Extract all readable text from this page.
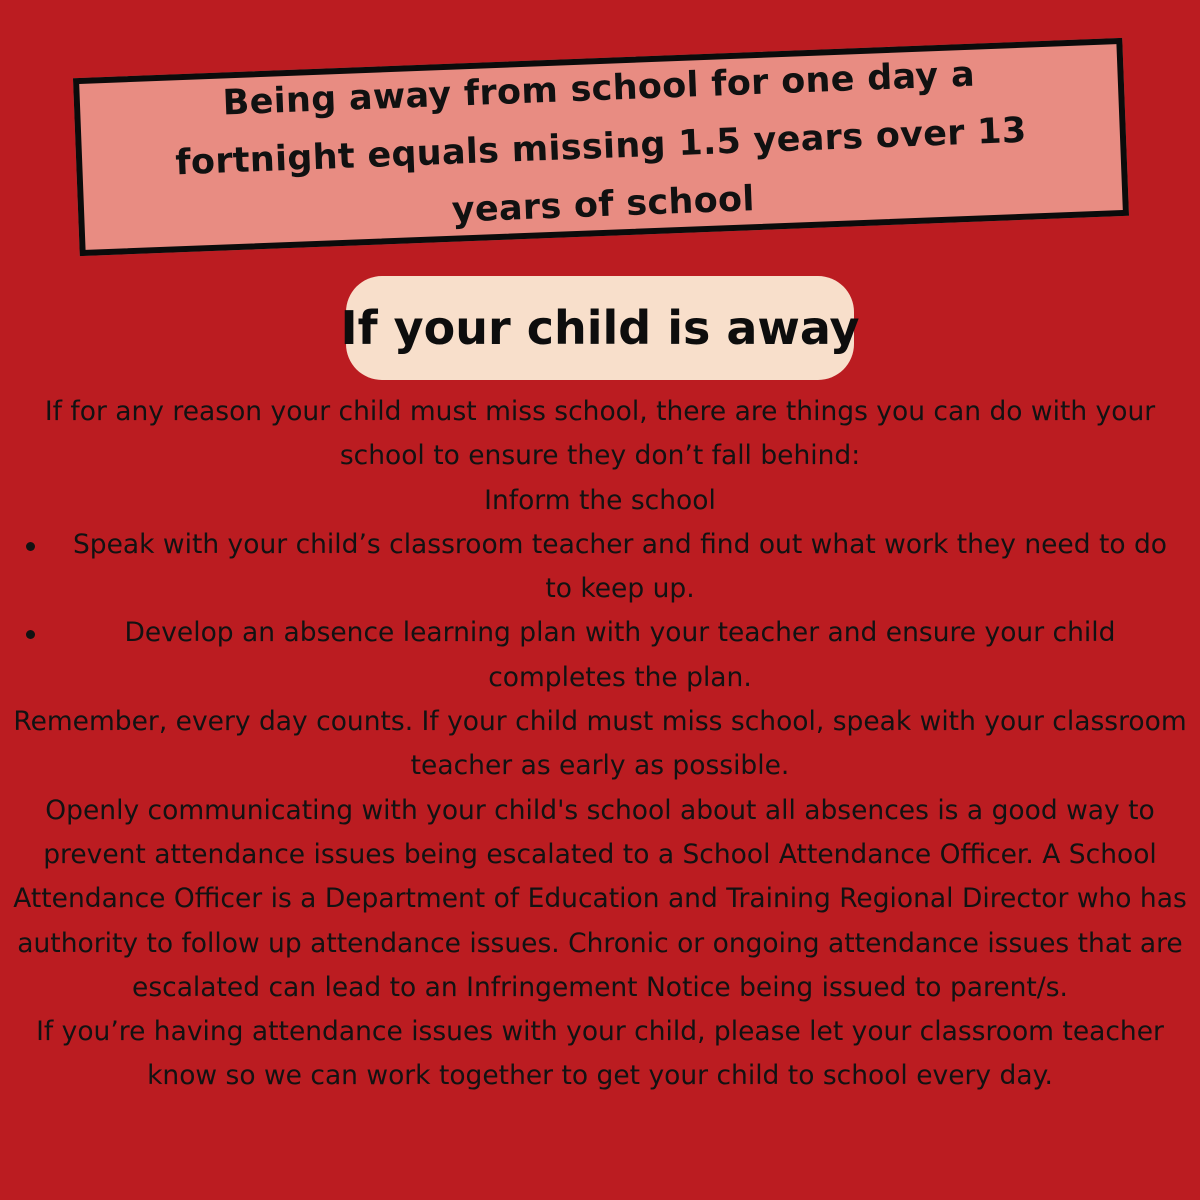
Being away from school for one day a fortnight equals missing 1.5 years over 13 years of school
If your child is away

If for any reason your child must miss school, there are things you can do with your school to ensure they don’t fall behind:

Inform the school

Speak with your child’s classroom teacher and find out what work they need to do to keep up.
Develop an absence learning plan with your teacher and ensure your child completes the plan.

Remember, every day counts. If your child must miss school, speak with your classroom teacher as early as possible.

Openly communicating with your child's school about all absences is a good way to prevent attendance issues being escalated to a School Attendance Officer. A School Attendance Officer is a Department of Education and Training Regional Director who has authority to follow up attendance issues. Chronic or ongoing attendance issues that are escalated can lead to an Infringement Notice being issued to parent/s.

If you’re having attendance issues with your child, please let your classroom teacher know so we can work together to get your child to school every day.
